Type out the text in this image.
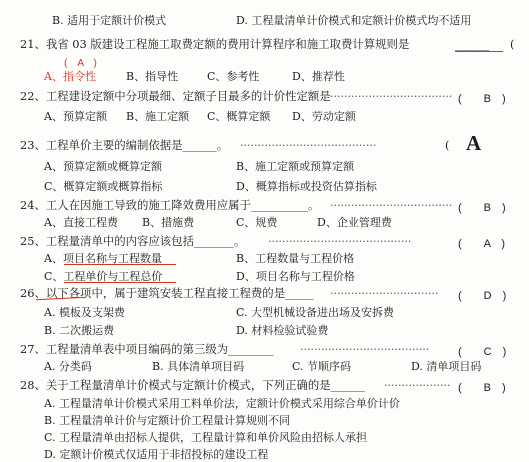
B. 适用于定额计价模式	D. 工程量清单计价模式和定额计价模式均不适用
21、我省 03 版建设工程施工取费定额的费用计算程序和施工取费计算规则是	______ (
(　A　)
A、指令性	B、指导性	C、参考性	D、推荐性
22、工程建设定额中分项最细、定额子目最多的计价性定额是 ··································· (　　B　)
A、预算定额 B、施工定额 C、概算定额 D、劳动定额
23、工程单价主要的编制依据是______。 ·······································	( A
A、预算定额或概算定额	B、施工定额或预算定额
C、概算定额或概算指标	D、概算指标或投资估算指标
24、工人在因施工导致的施工降效费用应属于__________。 ··································· (　　B　)
A、直接工程费 B、措施费	C、规费	D、企业管理费
25、工程量清单中的内容应该包括_______。 ·········································	(　　A　)
A、项目名称与工程数量	B、工程数量与工程价格
C、工程单价与工程总价	D、项目名称与工程价格
26、以下各项中，属于建筑安装工程直接工程费的是_____ ······························· (　　D　)
A. 模板及支架费	C. 大型机械设备进出场及安拆费
B. 二次搬运费	D. 材料检验试验费
27、工程量清单表中项目编码的第三级为________ ·····································	(　　C　)
A. 分类码	B. 具体清单项目码	C. 节顺序码	D. 清单项目码
28、关于工程量清单计价模式与定额计价模式，下列正确的是______ ··················· (　　B　)
A. 工程量清单计价模式采用工料单价法，定额计价模式采用综合单价计价
B. 工程量清单计价与定额计价工程量计算规则不同
C. 工程量清单由招标人提供，工程量计算和单价风险由招标人承担
D. 定额计价模式仅适用于非招投标的建设工程
